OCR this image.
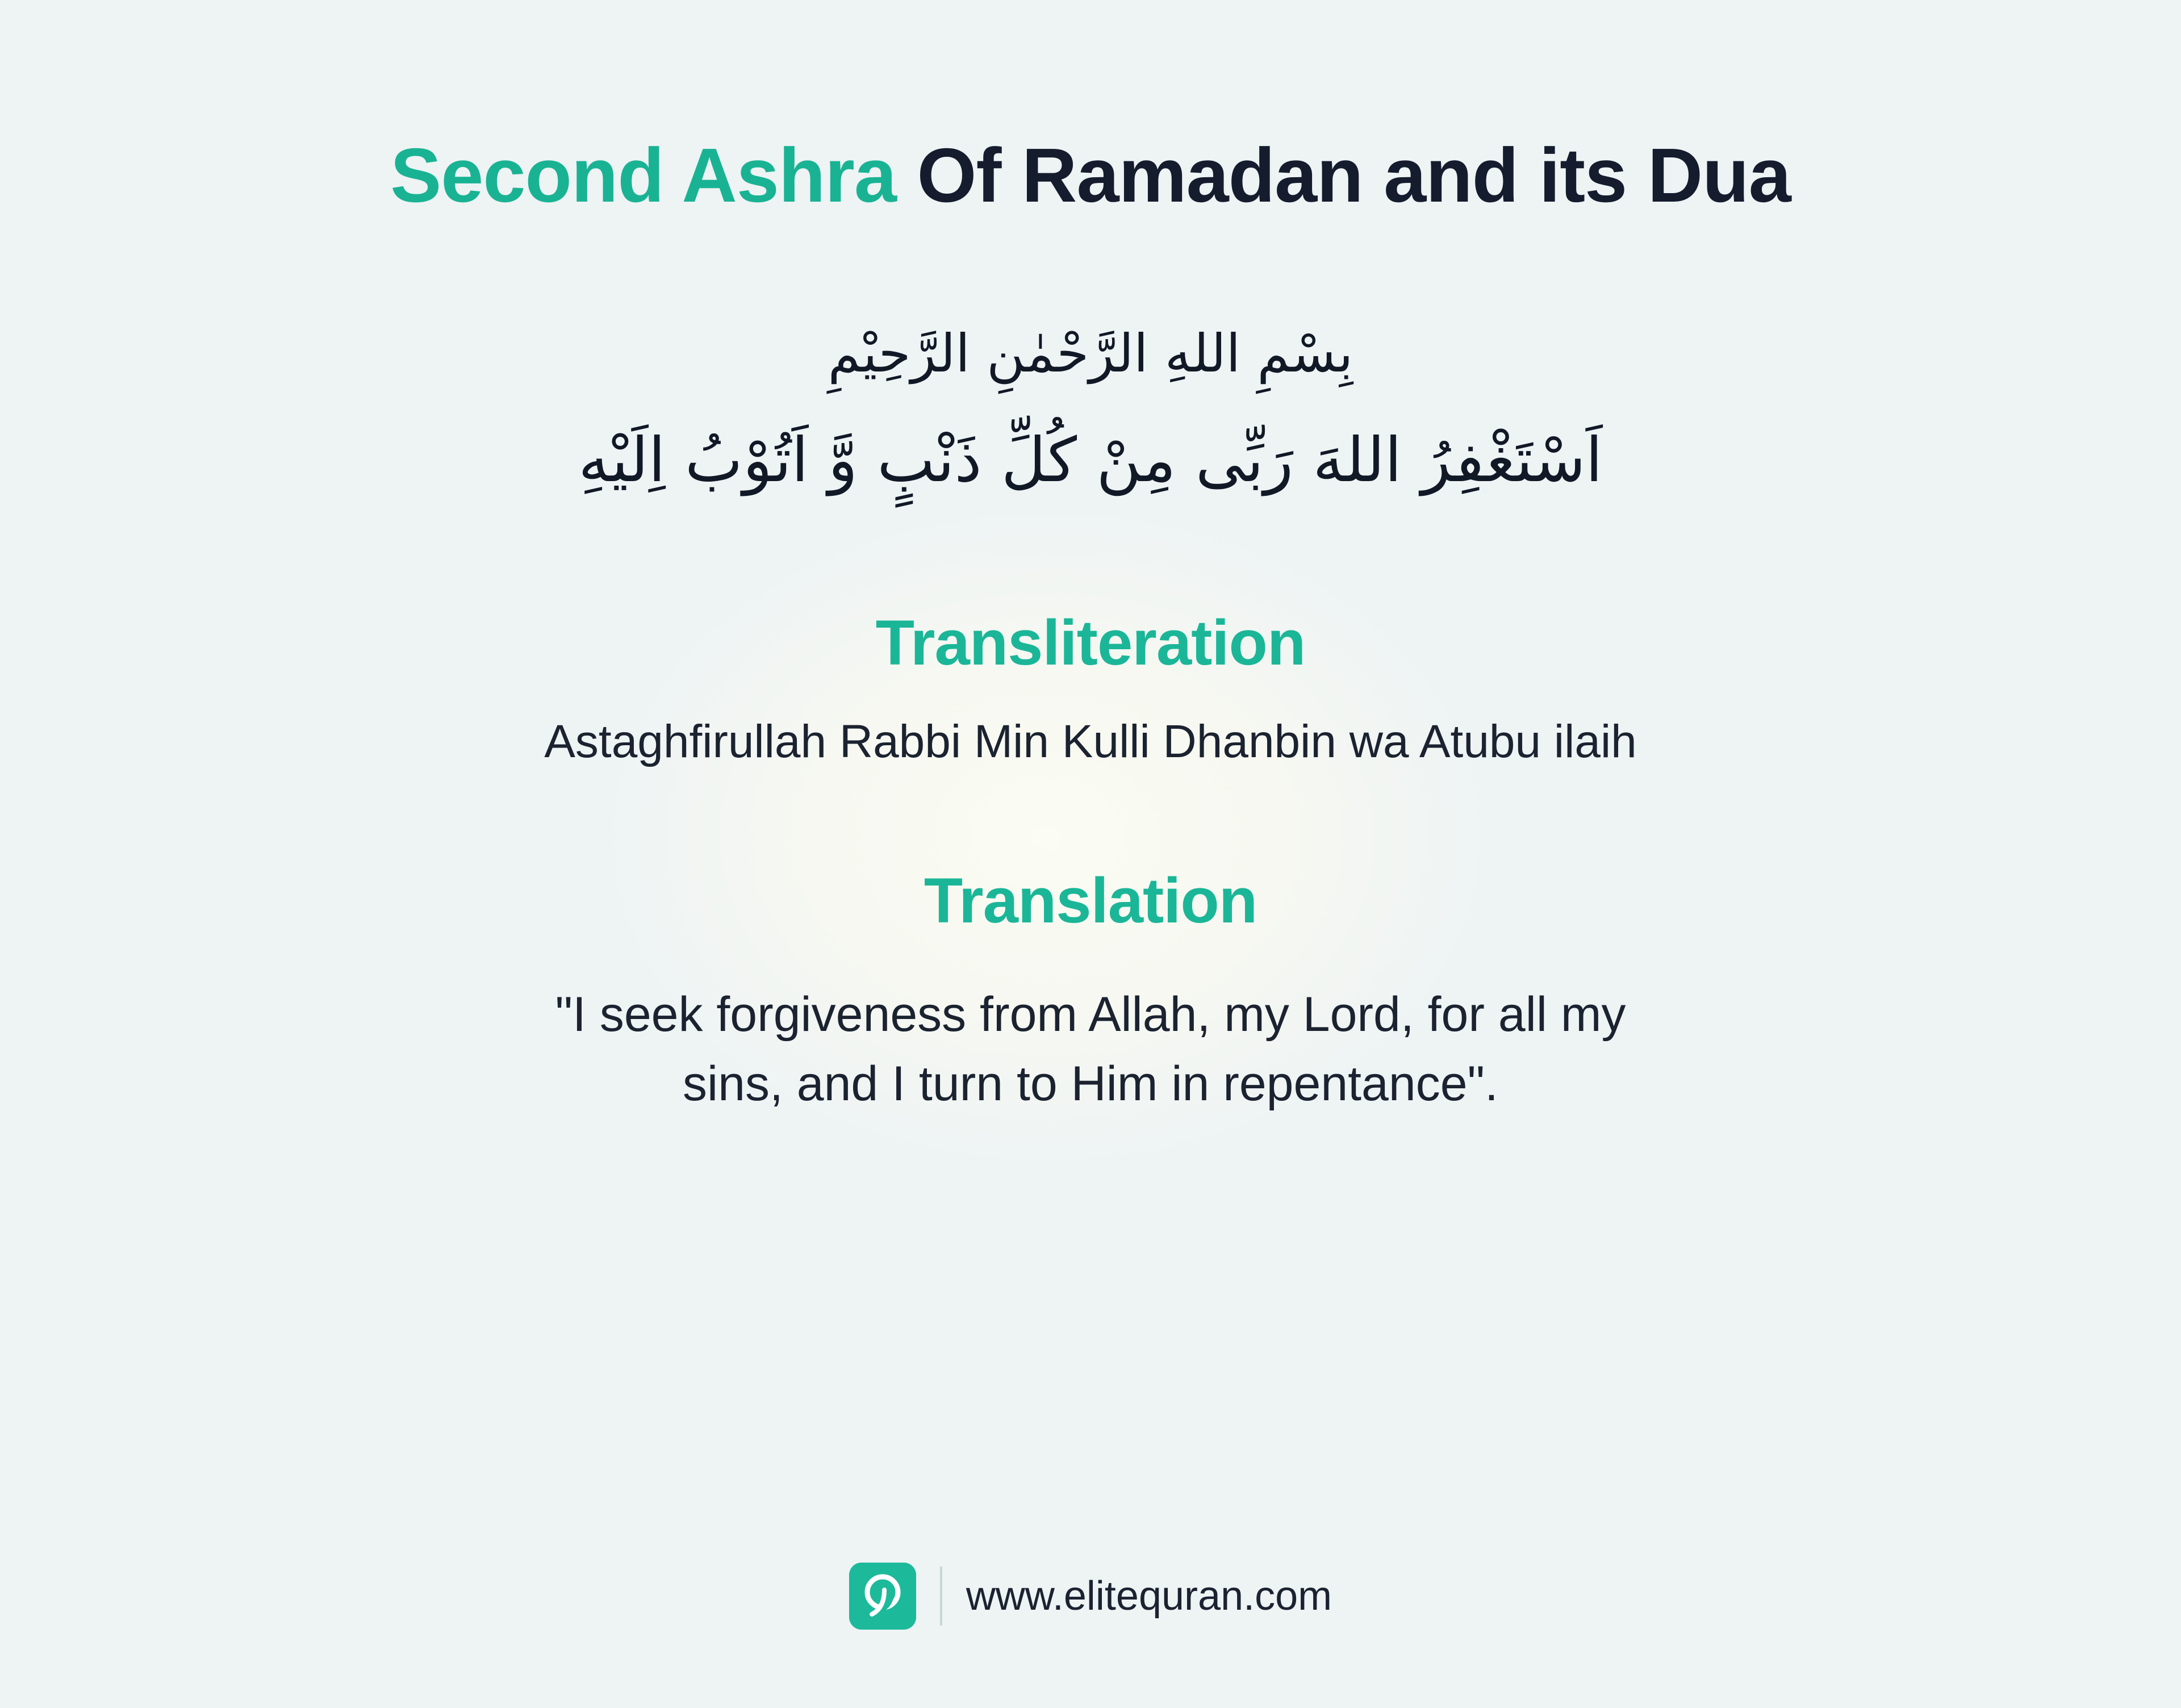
Second Ashra Of Ramadan and its Dua
بِسْمِ اللهِ الرَّحْمٰنِ الرَّحِيْمِ
اَسْتَغْفِرُ اللهَ رَبِّى مِنْ كُلِّ ذَنْبٍ وَّ اَتُوْبُ اِلَيْهِ
Transliteration
Astaghfirullah Rabbi Min Kulli Dhanbin wa Atubu ilaih
Translation
"I seek forgiveness from Allah, my Lord, for all my
sins, and I turn to Him in repentance".
www.elitequran.com
